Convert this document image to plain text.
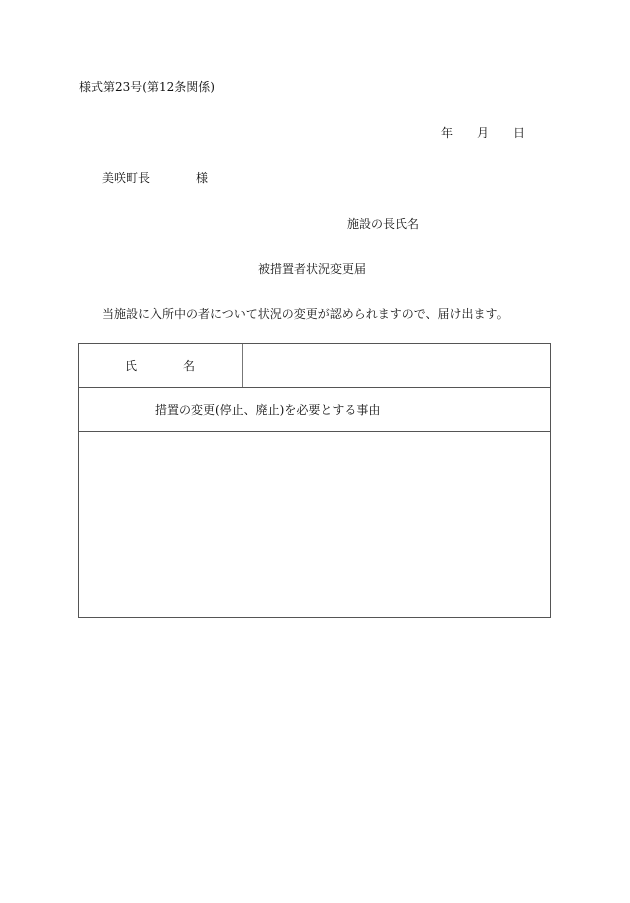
様式第23号(第12条関係)
年 月 日
美咲町長	様
施設の長氏名
被措置者状況変更届
当施設に入所中の者について状況の変更が認められますので、届け出ます。
氏	名
措置の変更(停止、廃止)を必要とする事由
